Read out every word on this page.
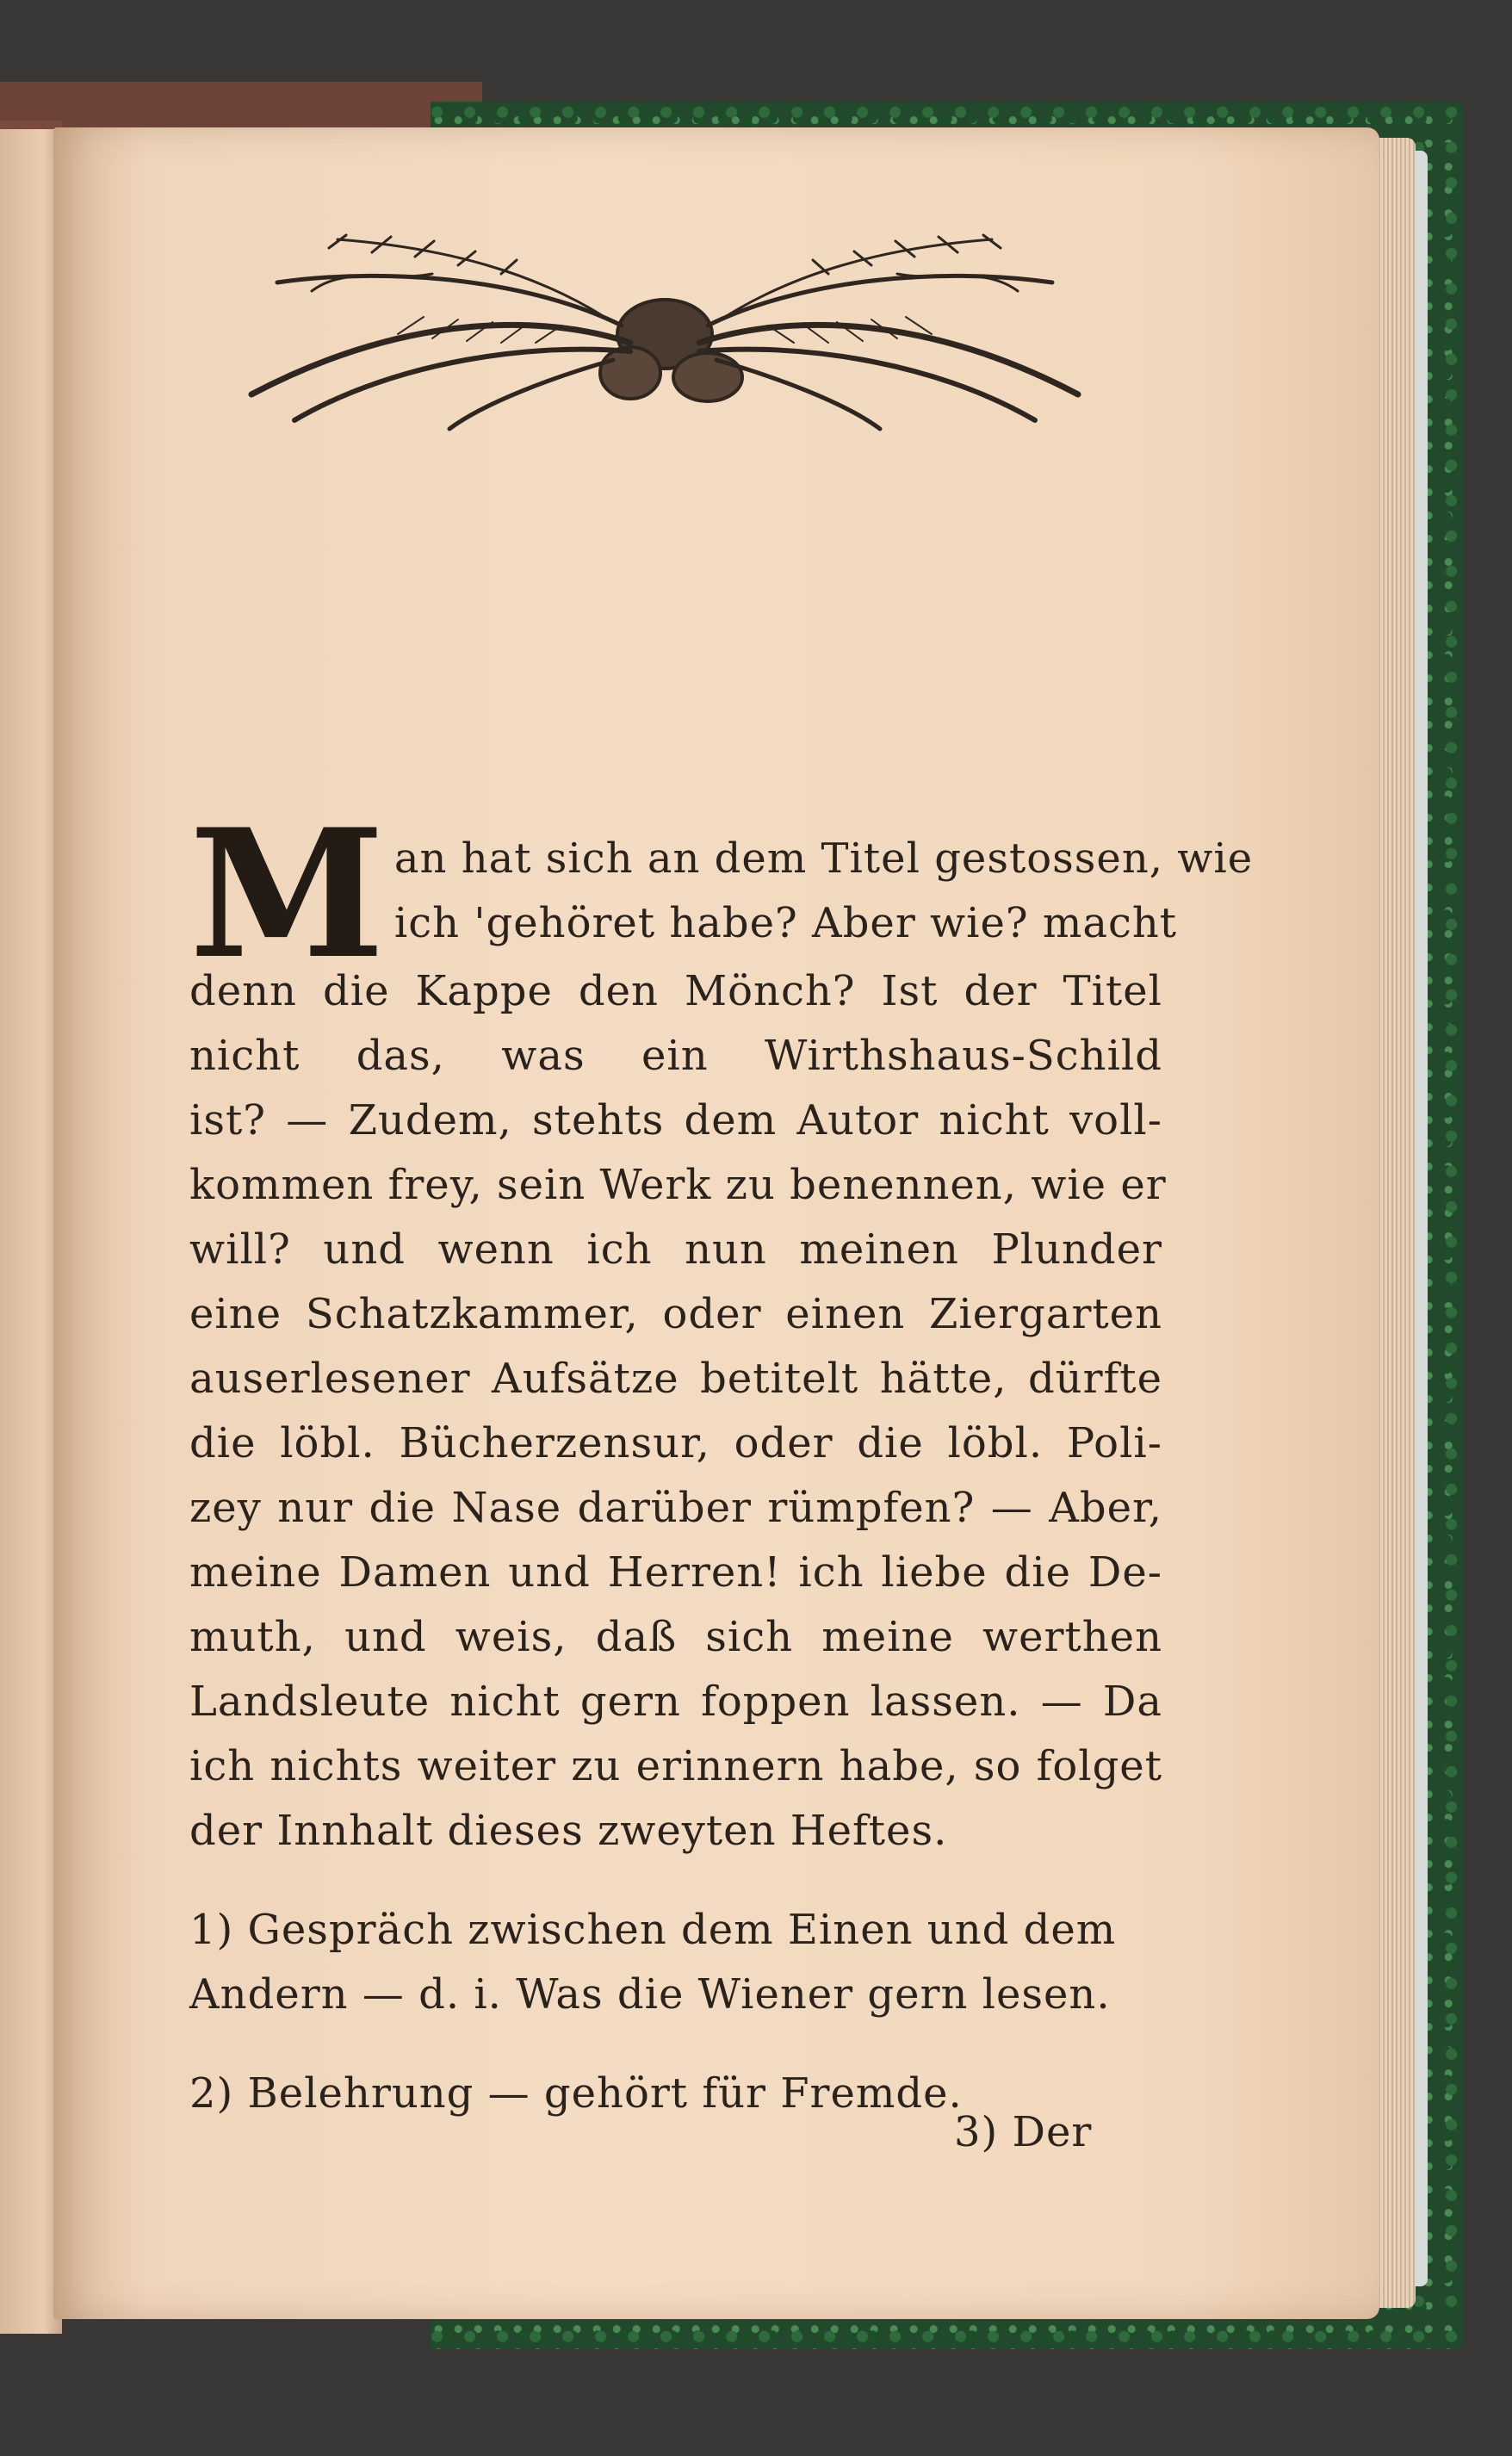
M an hat sich an dem Titel gestossen, wie
ich 'gehöret habe? Aber wie? macht
denn die Kappe den Mönch? Ist der Titel
nicht das, was ein Wirthshaus-Schild
ist? — Zudem, stehts dem Autor nicht voll-
kommen frey, sein Werk zu benennen, wie er
will? und wenn ich nun meinen Plunder
eine Schatzkammer, oder einen Ziergarten
auserlesener Aufsätze betitelt hätte, dürfte
die löbl. Bücherzensur, oder die löbl. Poli-
zey nur die Nase darüber rümpfen? — Aber,
meine Damen und Herren! ich liebe die De-
muth, und weis, daß sich meine werthen
Landsleute nicht gern foppen lassen. — Da
ich nichts weiter zu erinnern habe, so folget
der Innhalt dieses zweyten Heftes.
1) Gespräch zwischen dem Einen und dem
Andern — d. i. Was die Wiener gern lesen.
2) Belehrung — gehört für Fremde.
3) Der
